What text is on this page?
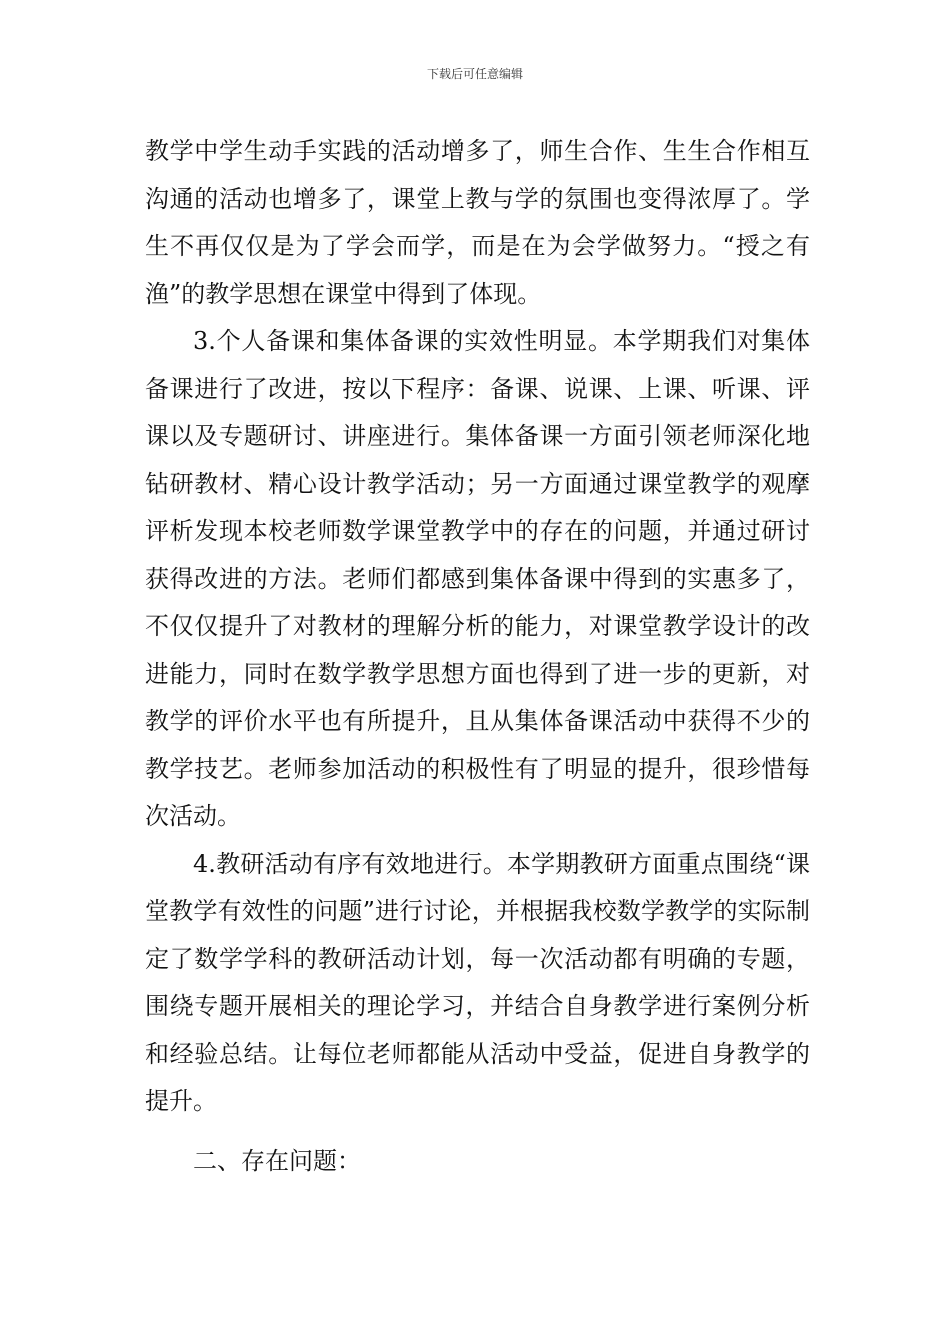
下载后可任意编辑

教学中学生动手实践的活动增多了，师生合作、生生合作相互沟通的活动也增多了，课堂上教与学的氛围也变得浓厚了。学生不再仅仅是为了学会而学，而是在为会学做努力。“授之有渔”的教学思想在课堂中得到了体现。

3.个人备课和集体备课的实效性明显。本学期我们对集体备课进行了改进，按以下程序：备课、说课、上课、听课、评课以及专题研讨、讲座进行。集体备课一方面引领老师深化地钻研教材、精心设计教学活动；另一方面通过课堂教学的观摩评析发现本校老师数学课堂教学中的存在的问题，并通过研讨获得改进的方法。老师们都感到集体备课中得到的实惠多了，不仅仅提升了对教材的理解分析的能力，对课堂教学设计的改进能力，同时在数学教学思想方面也得到了进一步的更新，对教学的评价水平也有所提升，且从集体备课活动中获得不少的教学技艺。老师参加活动的积极性有了明显的提升，很珍惜每次活动。

4.教研活动有序有效地进行。本学期教研方面重点围绕“课堂教学有效性的问题”进行讨论，并根据我校数学教学的实际制定了数学学科的教研活动计划，每一次活动都有明确的专题，围绕专题开展相关的理论学习，并结合自身教学进行案例分析和经验总结。让每位老师都能从活动中受益，促进自身教学的提升。

二、存在问题：
